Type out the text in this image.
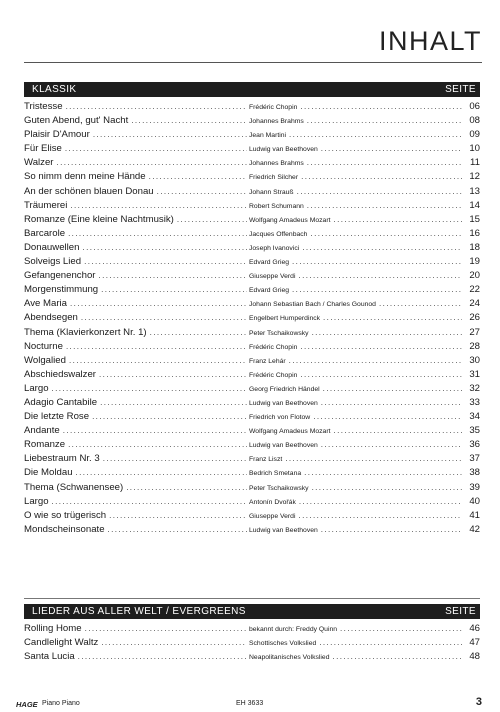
INHALT
KLASSIK	SEITE
Tristesse .....	Frédéric Chopin .....	06
Guten Abend, gut' Nacht .....	Johannes Brahms .....	08
Plaisir D'Amour .....	Jean Martini .....	09
Für Elise .....	Ludwig van Beethoven .....	10
Walzer .....	Johannes Brahms .....	11
So nimm denn meine Hände .....	Friedrich Silcher .....	12
An der schönen blauen Donau .....	Johann Strauß .....	13
Träumerei .....	Robert Schumann .....	14
Romanze (Eine kleine Nachtmusik) .....	Wolfgang Amadeus Mozart .....	15
Barcarole .....	Jacques Offenbach .....	16
Donauwellen .....	Joseph Ivanovici .....	18
Solveigs Lied .....	Edvard Grieg .....	19
Gefangenenchor .....	Giuseppe Verdi .....	20
Morgenstimmung .....	Edvard Grieg .....	22
Ave Maria .....	Johann Sebastian Bach / Charles Gounod .....	24
Abendsegen .....	Engelbert Humperdinck .....	26
Thema (Klavierkonzert Nr. 1) .....	Peter Tschaikowsky .....	27
Nocturne .....	Frédéric Chopin .....	28
Wolgalied .....	Franz Lehár .....	30
Abschiedswalzer .....	Frédéric Chopin .....	31
Largo .....	Georg Friedrich Händel .....	32
Adagio Cantabile .....	Ludwig van Beethoven .....	33
Die letzte Rose .....	Friedrich von Flotow .....	34
Andante .....	Wolfgang Amadeus Mozart .....	35
Romanze .....	Ludwig van Beethoven .....	36
Liebestraum Nr. 3 .....	Franz Liszt .....	37
Die Moldau .....	Bedrich Smetana .....	38
Thema (Schwanensee) .....	Peter Tschaikowsky .....	39
Largo .....	Antonín Dvořák .....	40
O wie so trügerisch .....	Giuseppe Verdi .....	41
Mondscheinsonate .....	Ludwig van Beethoven .....	42
LIEDER AUS ALLER WELT / EVERGREENS	SEITE
Rolling Home .....	bekannt durch: Freddy Quinn .....	46
Candlelight Waltz .....	Schottisches Volkslied .....	47
Santa Lucia .....	Neapolitanisches Volkslied .....	48
HAGE Piano Piano	EH 3633	3
